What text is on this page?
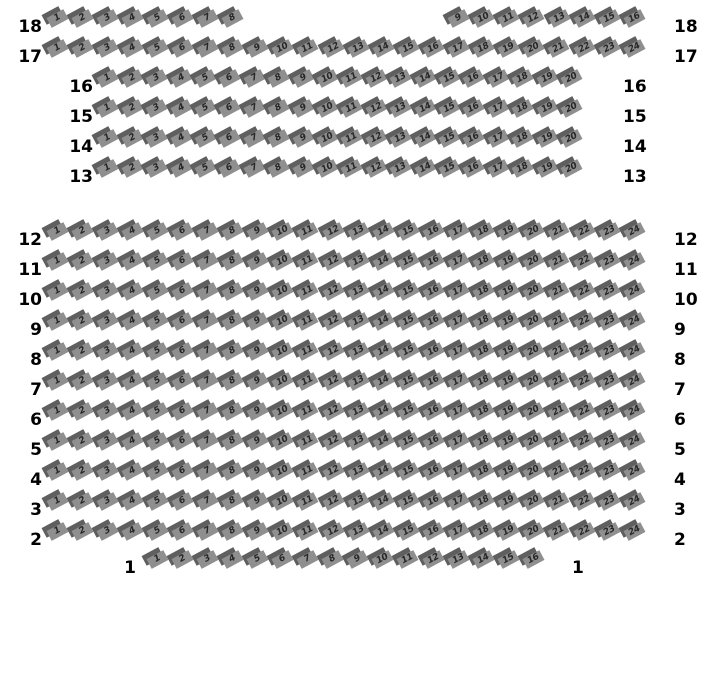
18 1 2 3 4 5 6 7 8	9 10 11 12 13 14 15 16 18
17 1 2 3 4 5 6 7 8 9 10 11 12 13 14 15 16 17 18 19 20 21 22 23 24 17
16 1 2 3 4 5 6 7 8 9 10 11 12 13 14 15 16 17 18 19 20	16
15 1 2 3 4 5 6 7 8 9 10 11 12 13 14 15 16 17 18 19 20	15
14 1 2 3 4 5 6 7 8 9 10 11 12 13 14 15 16 17 18 19 20	14
13 1 2 3 4 5 6 7 8 9 10 11 12 13 14 15 16 17 18 19 20	13
12 1 2 3 4 5 6 7 8 9 10 11 12 13 14 15 16 17 18 19 20 21 22 23 24 12
11 1 2 3 4 5 6 7 8 9 10 11 12 13 14 15 16 17 18 19 20 21 22 23 24 11
10 1 2 3 4 5 6 7 8 9 10 11 12 13 14 15 16 17 18 19 20 21 22 23 24 10
9 1 2 3 4 5 6 7 8 9 10 11 12 13 14 15 16 17 18 19 20 21 22 23 24 9
8 1 2 3 4 5 6 7 8 9 10 11 12 13 14 15 16 17 18 19 20 21 22 23 24 8
7 1 2 3 4 5 6 7 8 9 10 11 12 13 14 15 16 17 18 19 20 21 22 23 24 7
6 1 2 3 4 5 6 7 8 9 10 11 12 13 14 15 16 17 18 19 20 21 22 23 24 6
5 1 2 3 4 5 6 7 8 9 10 11 12 13 14 15 16 17 18 19 20 21 22 23 24 5
4 1 2 3 4 5 6 7 8 9 10 11 12 13 14 15 16 17 18 19 20 21 22 23 24 4
3 1 2 3 4 5 6 7 8 9 10 11 12 13 14 15 16 17 18 19 20 21 22 23 24 3
2 1 2 3 4 5 6 7 8 9 10 11 12 13 14 15 16 17 18 19 20 21 22 23 24 2
1 1 2 3 4 5 6 7 8 9 10 11 12 13 14 15 16 1
